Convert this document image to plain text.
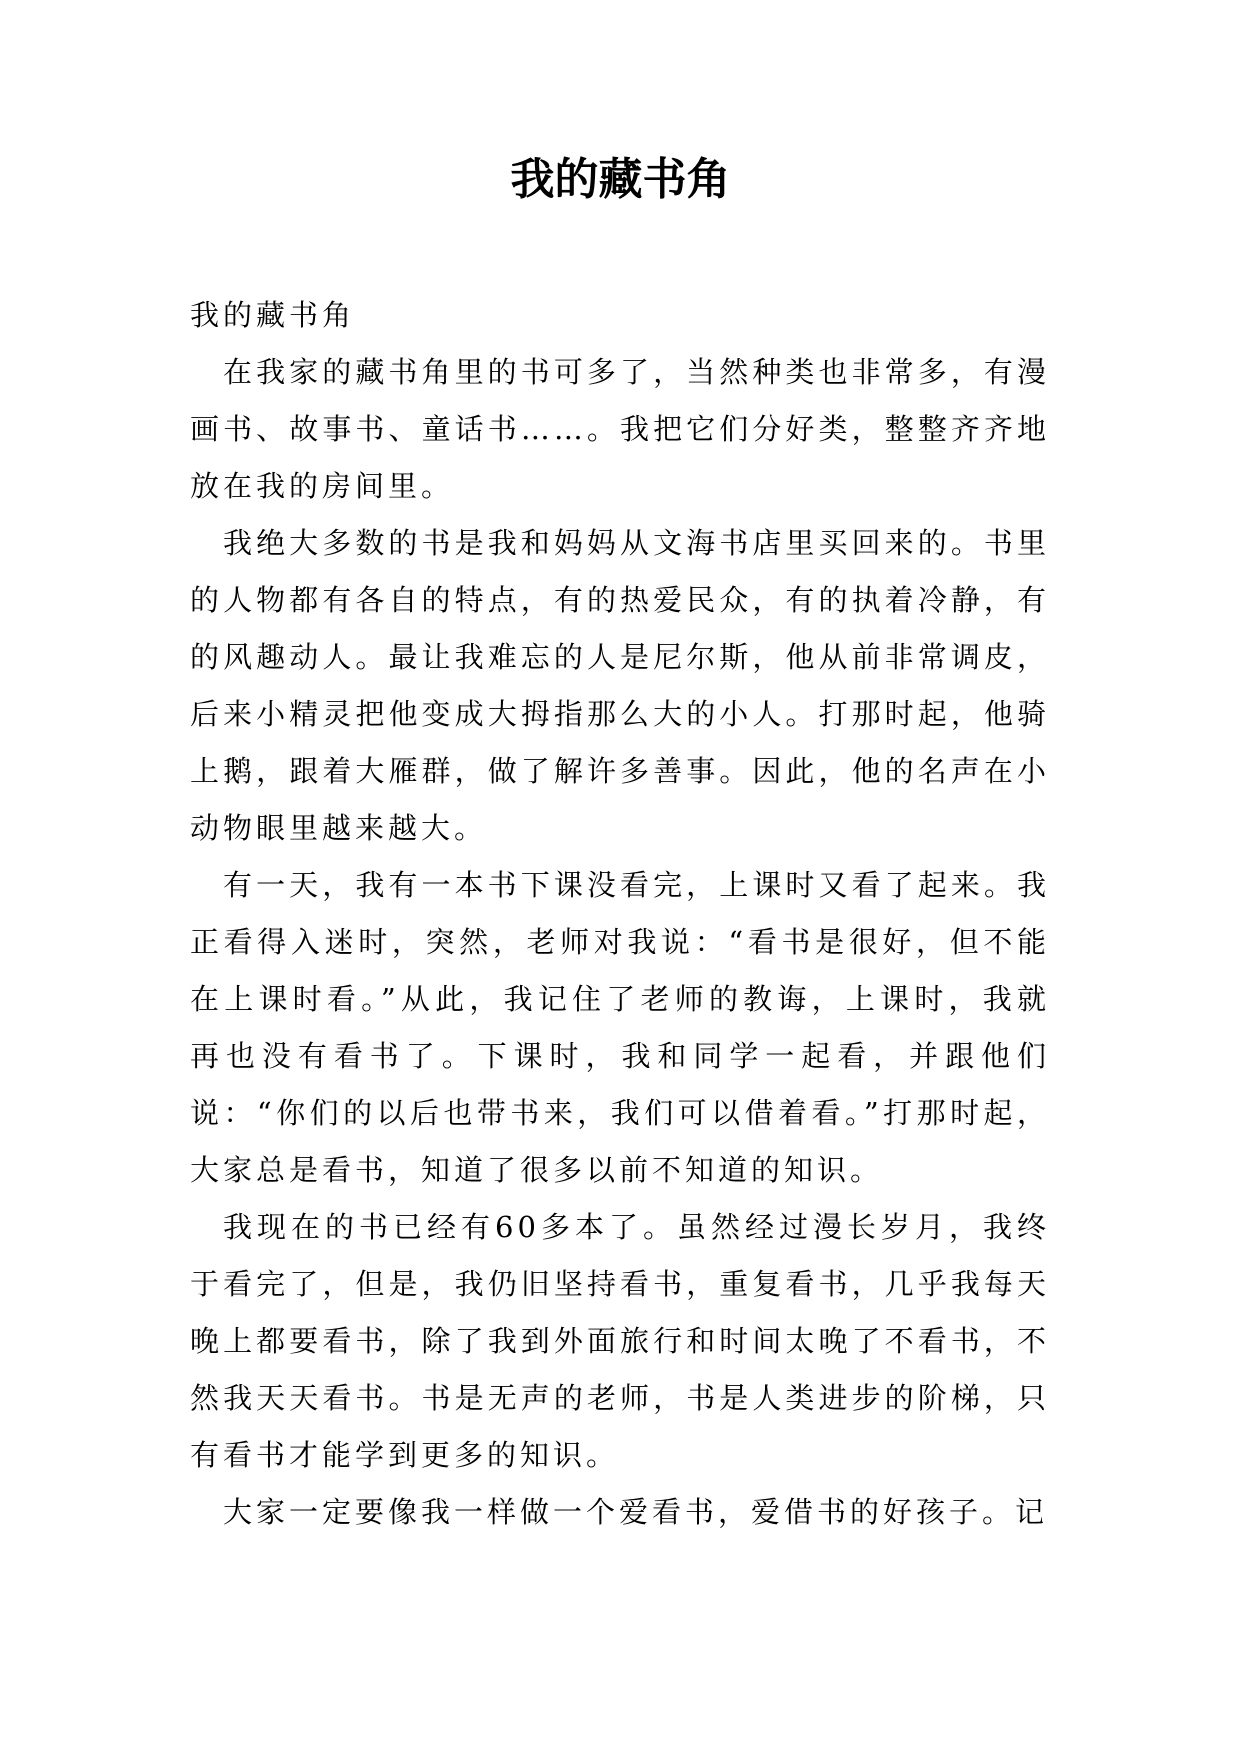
我的藏书角

我的藏书角

在我家的藏书角里的书可多了，当然种类也非常多，有漫画书、故事书、童话书……。我把它们分好类，整整齐齐地放在我的房间里。

我绝大多数的书是我和妈妈从文海书店里买回来的。书里的人物都有各自的特点，有的热爱民众，有的执着冷静，有的风趣动人。最让我难忘的人是尼尔斯，他从前非常调皮，后来小精灵把他变成大拇指那么大的小人。打那时起，他骑上鹅，跟着大雁群，做了解许多善事。因此，他的名声在小动物眼里越来越大。

有一天，我有一本书下课没看完，上课时又看了起来。我正看得入迷时，突然，老师对我说：“看书是很好，但不能在上课时看。”从此，我记住了老师的教诲，上课时，我就再也没有看书了。下课时，我和同学一起看，并跟他们说：“你们的以后也带书来，我们可以借着看。”打那时起，大家总是看书，知道了很多以前不知道的知识。

我现在的书已经有60多本了。虽然经过漫长岁月，我终于看完了，但是，我仍旧坚持看书，重复看书，几乎我每天晚上都要看书，除了我到外面旅行和时间太晚了不看书，不然我天天看书。书是无声的老师，书是人类进步的阶梯，只有看书才能学到更多的知识。

大家一定要像我一样做一个爱看书，爱借书的好孩子。记
